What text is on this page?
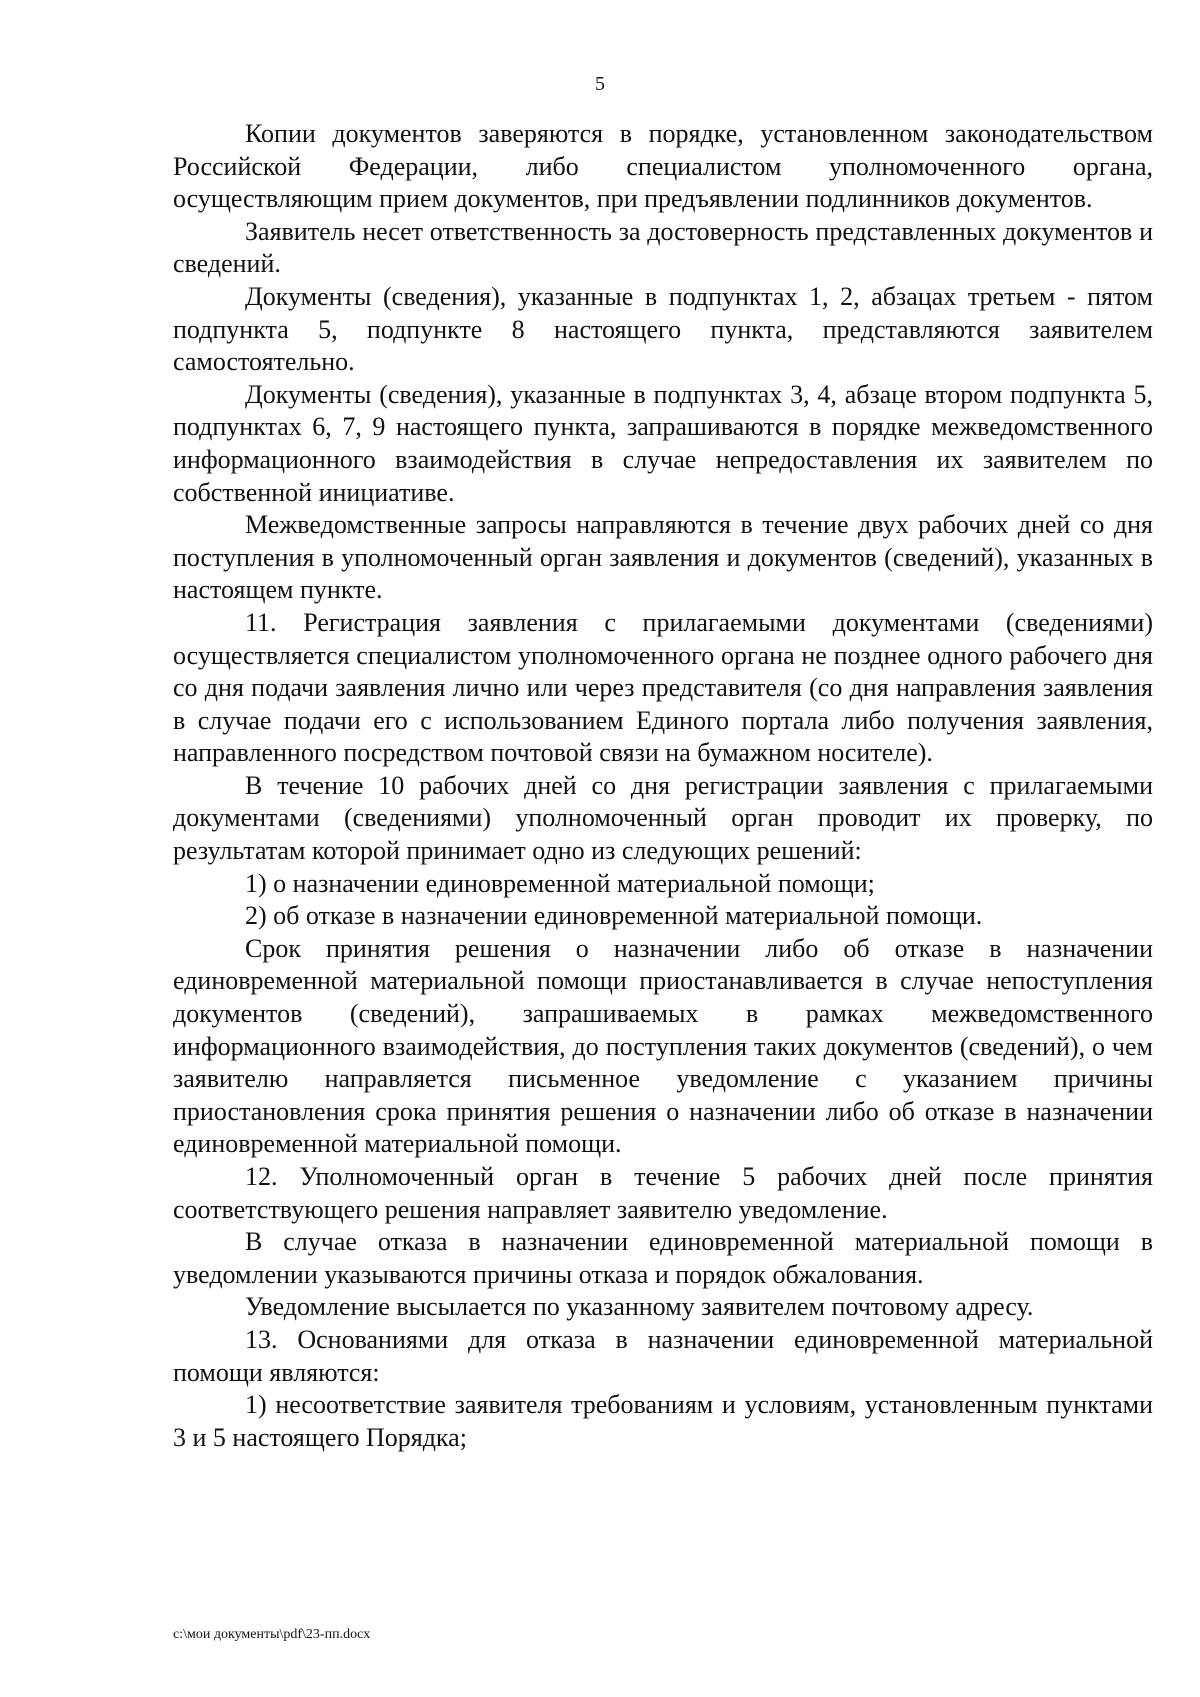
5

Копии документов заверяются в порядке, установленном законодательством Российской Федерации, либо специалистом уполномоченного органа, осуществляющим прием документов, при предъявлении подлинников документов.

Заявитель несет ответственность за достоверность представленных документов и сведений.

Документы (сведения), указанные в подпунктах 1, 2, абзацах третьем - пятом подпункта 5, подпункте 8 настоящего пункта, представляются заявителем самостоятельно.

Документы (сведения), указанные в подпунктах 3, 4, абзаце втором подпункта 5, подпунктах 6, 7, 9 настоящего пункта, запрашиваются в порядке межведомственного информационного взаимодействия в случае непредоставления их заявителем по собственной инициативе.

Межведомственные запросы направляются в течение двух рабочих дней со дня поступления в уполномоченный орган заявления и документов (сведений), указанных в настоящем пункте.

11. Регистрация заявления с прилагаемыми документами (сведениями) осуществляется специалистом уполномоченного органа не позднее одного рабочего дня со дня подачи заявления лично или через представителя (со дня направления заявления в случае подачи его с использованием Единого портала либо получения заявления, направленного посредством почтовой связи на бумажном носителе).

В течение 10 рабочих дней со дня регистрации заявления с прилагаемыми документами (сведениями) уполномоченный орган проводит их проверку, по результатам которой принимает одно из следующих решений:

1) о назначении единовременной материальной помощи;

2) об отказе в назначении единовременной материальной помощи.

Срок принятия решения о назначении либо об отказе в назначении единовременной материальной помощи приостанавливается в случае непоступления документов (сведений), запрашиваемых в рамках межведомственного информационного взаимодействия, до поступления таких документов (сведений), о чем заявителю направляется письменное уведомление с указанием причины приостановления срока принятия решения о назначении либо об отказе в назначении единовременной материальной помощи.

12. Уполномоченный орган в течение 5 рабочих дней после принятия соответствующего решения направляет заявителю уведомление.

В случае отказа в назначении единовременной материальной помощи в уведомлении указываются причины отказа и порядок обжалования.

Уведомление высылается по указанному заявителем почтовому адресу.

13. Основаниями для отказа в назначении единовременной материальной помощи являются:

1) несоответствие заявителя требованиям и условиям, установленным пунктами 3 и 5 настоящего Порядка;

c:\мои документы\pdf\23-пп.docx
